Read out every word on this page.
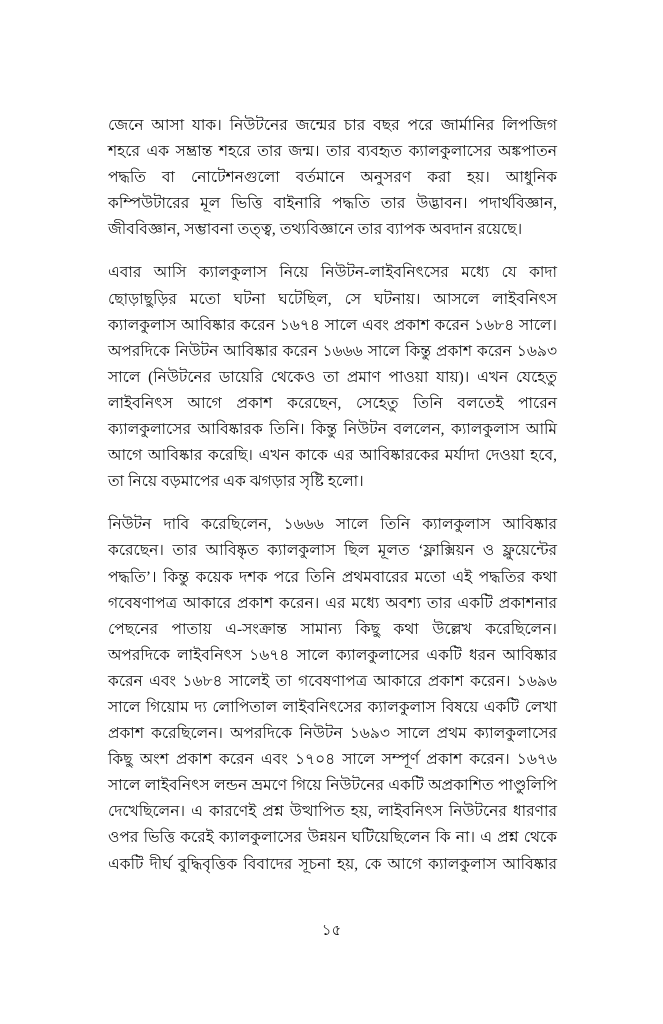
জেনে আসা যাক। নিউটনের জন্মের চার বছর পরে জার্মানির লিপজিগ শহরে এক সম্ভ্রান্ত শহরে তার জন্ম। তার ব্যবহৃত ক্যালকুলাসের অঙ্কপাতন পদ্ধতি বা নোটেশনগুলো বর্তমানে অনুসরণ করা হয়। আধুনিক কম্পিউটারের মূল ভিত্তি বাইনারি পদ্ধতি তার উদ্ভাবন। পদার্থবিজ্ঞান, জীববিজ্ঞান, সম্ভাবনা তত্ত্ব, তথ্যবিজ্ঞানে তার ব্যাপক অবদান রয়েছে।

এবার আসি ক্যালকুলাস নিয়ে নিউটন-লাইবনিৎসের মধ্যে যে কাদা ছোড়াছুড়ির মতো ঘটনা ঘটেছিল, সে ঘটনায়। আসলে লাইবনিৎস ক্যালকুলাস আবিষ্কার করেন ১৬৭৪ সালে এবং প্রকাশ করেন ১৬৮৪ সালে। অপরদিকে নিউটন আবিষ্কার করেন ১৬৬৬ সালে কিন্তু প্রকাশ করেন ১৬৯৩ সালে (নিউটনের ডায়েরি থেকেও তা প্রমাণ পাওয়া যায়)। এখন যেহেতু লাইবনিৎস আগে প্রকাশ করেছেন, সেহেতু তিনি বলতেই পারেন ক্যালকুলাসের আবিষ্কারক তিনি। কিন্তু নিউটন বললেন, ক্যালকুলাস আমি আগে আবিষ্কার করেছি। এখন কাকে এর আবিষ্কারকের মর্যাদা দেওয়া হবে, তা নিয়ে বড়মাপের এক ঝগড়ার সৃষ্টি হলো।

নিউটন দাবি করেছিলেন, ১৬৬৬ সালে তিনি ক্যালকুলাস আবিষ্কার করেছেন। তার আবিষ্কৃত ক্যালকুলাস ছিল মূলত ‘ফ্লাক্সিয়ন ও ফ্লুয়েন্টের পদ্ধতি’। কিন্তু কয়েক দশক পরে তিনি প্রথমবারের মতো এই পদ্ধতির কথা গবেষণাপত্র আকারে প্রকাশ করেন। এর মধ্যে অবশ্য তার একটি প্রকাশনার পেছনের পাতায় এ-সংক্রান্ত সামান্য কিছু কথা উল্লেখ করেছিলেন। অপরদিকে লাইবনিৎস ১৬৭৪ সালে ক্যালকুলাসের একটি ধরন আবিষ্কার করেন এবং ১৬৮৪ সালেই তা গবেষণাপত্র আকারে প্রকাশ করেন। ১৬৯৬ সালে গিয়োম দ্য লোপিতাল লাইবনিৎসের ক্যালকুলাস বিষয়ে একটি লেখা প্রকাশ করেছিলেন। অপরদিকে নিউটন ১৬৯৩ সালে প্রথম ক্যালকুলাসের কিছু অংশ প্রকাশ করেন এবং ১৭০৪ সালে সম্পূর্ণ প্রকাশ করেন। ১৬৭৬ সালে লাইবনিৎস লন্ডন ভ্রমণে গিয়ে নিউটনের একটি অপ্রকাশিত পাণ্ডুলিপি দেখেছিলেন। এ কারণেই প্রশ্ন উত্থাপিত হয়, লাইবনিৎস নিউটনের ধারণার ওপর ভিত্তি করেই ক্যালকুলাসের উন্নয়ন ঘটিয়েছিলেন কি না। এ প্রশ্ন থেকে একটি দীর্ঘ বুদ্ধিবৃত্তিক বিবাদের সূচনা হয়, কে আগে ক্যালকুলাস আবিষ্কার

১৫
